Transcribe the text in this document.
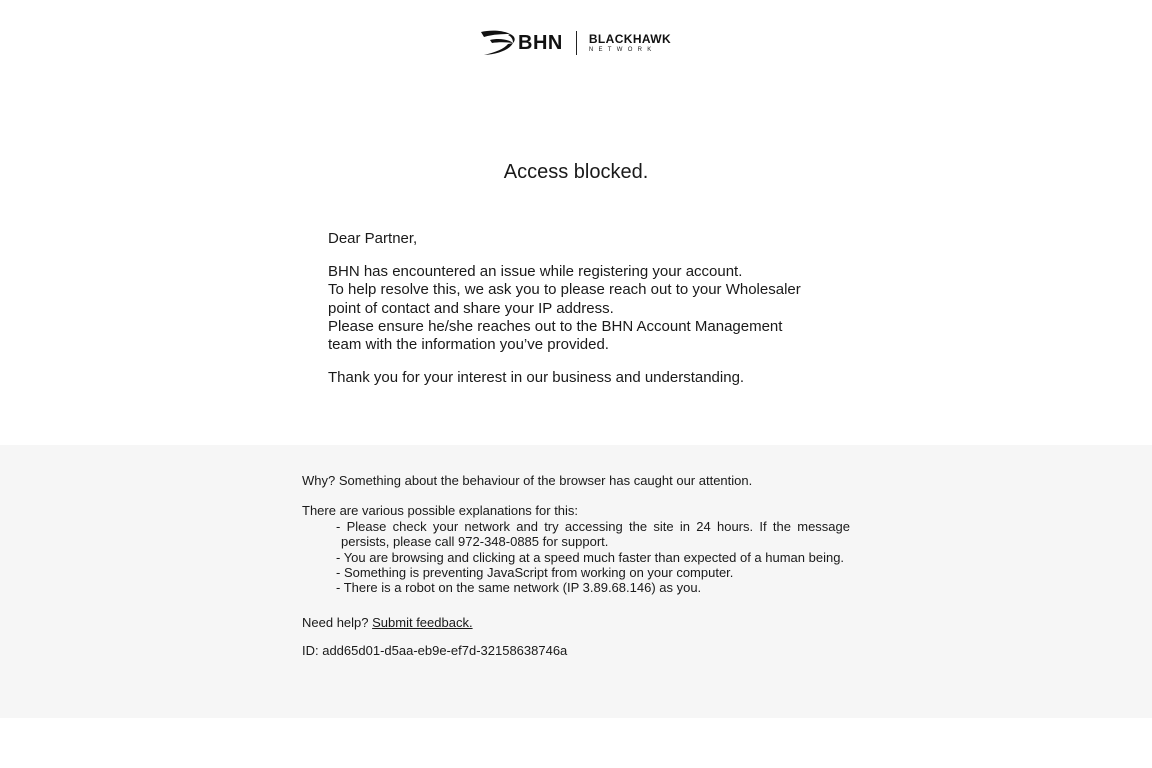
BHN BLACKHAWK
NETWORK
Access blocked.

Dear Partner,

BHN has encountered an issue while registering your account.

To help resolve this, we ask you to please reach out to your Wholesaler point of contact and share your IP address.

Please ensure he/she reaches out to the BHN Account Management team with the information you’ve provided.

Thank you for your interest in our business and understanding.

Why? Something about the behaviour of the browser has caught our attention.

There are various possible explanations for this:

- Please check your network and try accessing the site in 24 hours. If the message persists, please call 972-348-0885 for support.
- You are browsing and clicking at a speed much faster than expected of a human being.
- Something is preventing JavaScript from working on your computer.
- There is a robot on the same network (IP 3.89.68.146) as you.

Need help? Submit feedback.

ID: add65d01-d5aa-eb9e-ef7d-32158638746a
